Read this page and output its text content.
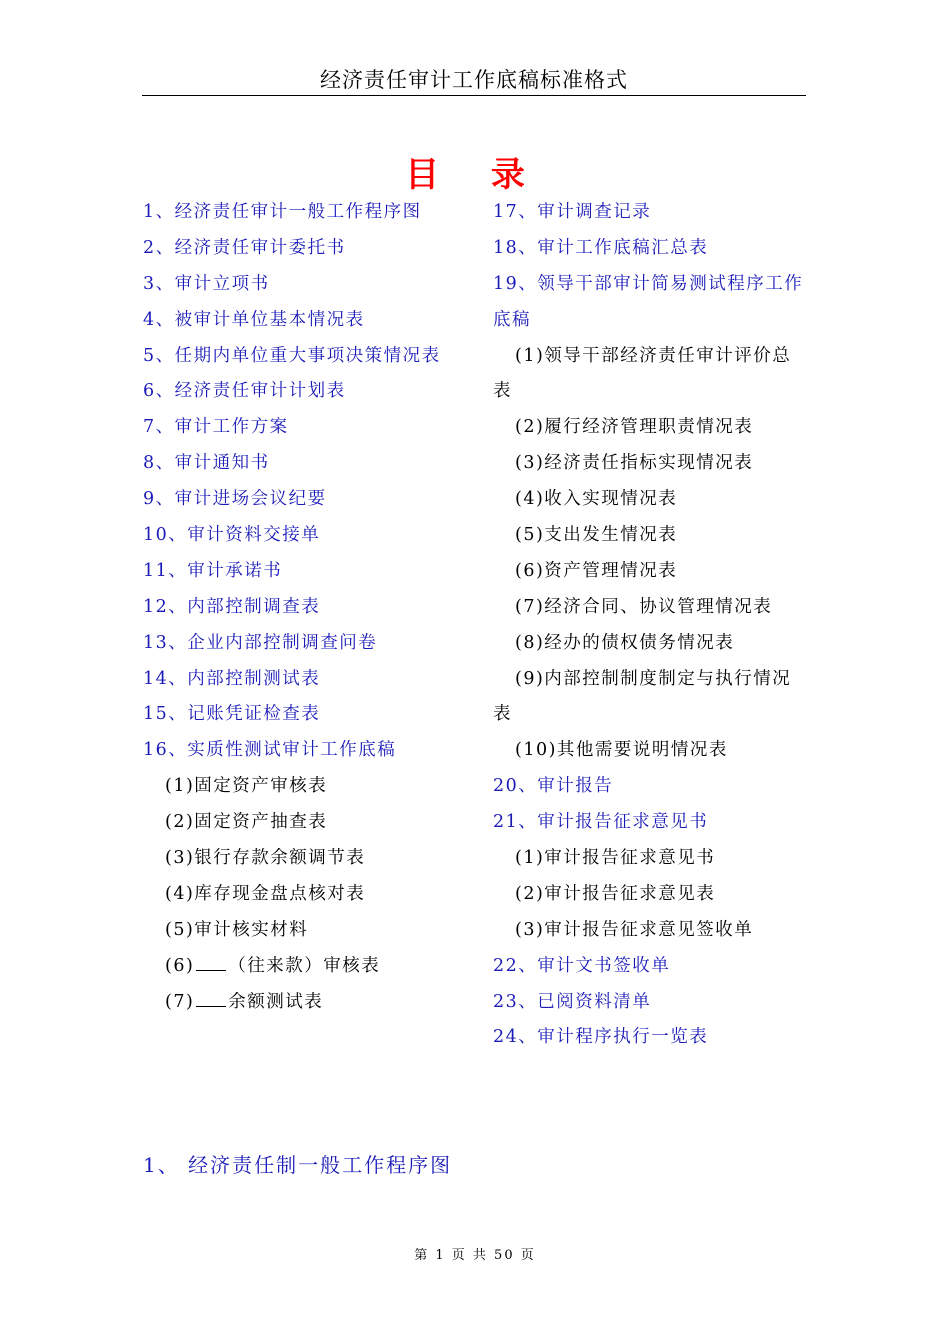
经济责任审计工作底稿标准格式
目 录
1、经济责任审计一般工作程序图
2、经济责任审计委托书
3、审计立项书
4、被审计单位基本情况表
5、任期内单位重大事项决策情况表
6、经济责任审计计划表
7、审计工作方案
8、审计通知书
9、审计进场会议纪要
10、审计资料交接单
11、审计承诺书
12、内部控制调查表
13、企业内部控制调查问卷
14、内部控制测试表
15、记账凭证检查表
16、实质性测试审计工作底稿
(1)固定资产审核表
(2)固定资产抽查表
(3)银行存款余额调节表
(4)库存现金盘点核对表
(5)审计核实材料
(6) （往来款）审核表
(7) 余额测试表
17、审计调查记录
18、审计工作底稿汇总表
19、领导干部审计简易测试程序工作
底稿
(1)领导干部经济责任审计评价总
表
(2)履行经济管理职责情况表
(3)经济责任指标实现情况表
(4)收入实现情况表
(5)支出发生情况表
(6)资产管理情况表
(7)经济合同、协议管理情况表
(8)经办的债权债务情况表
(9)内部控制制度制定与执行情况
表
(10)其他需要说明情况表
20、审计报告
21、审计报告征求意见书
(1)审计报告征求意见书
(2)审计报告征求意见表
(3)审计报告征求意见签收单
22、审计文书签收单
23、已阅资料清单
24、审计程序执行一览表
1、 经济责任制一般工作程序图
第 1 页 共 50 页
